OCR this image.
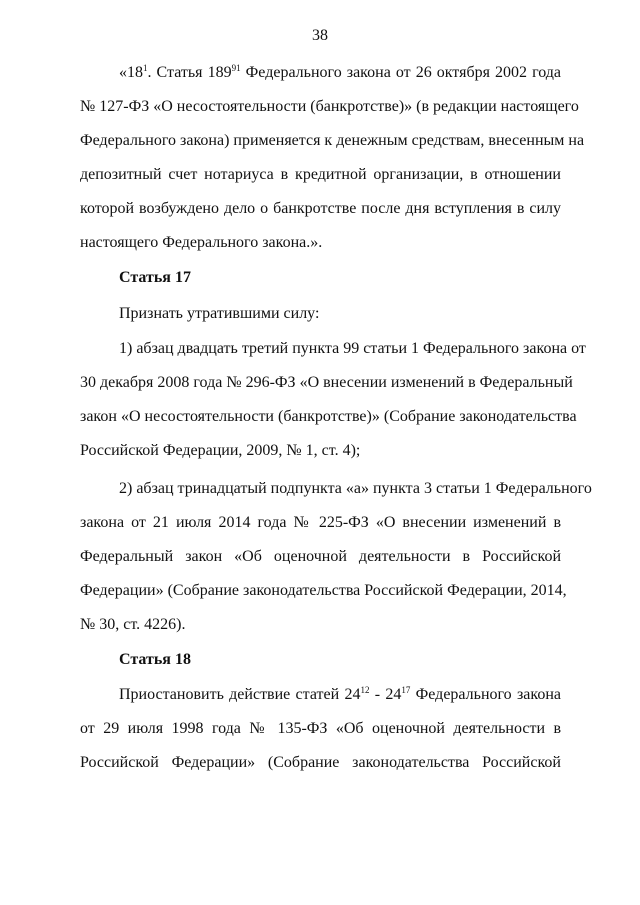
38
«$18^1$. Статья $189^{91}$ Федерального закона от 26 октября 2002 года
№ 127-ФЗ «О несостоятельности (банкротстве)» (в редакции настоящего
Федерального закона) применяется к денежным средствам, внесенным на
депозитный счет нотариуса в кредитной организации, в отношении
которой возбуждено дело о банкротстве после дня вступления в силу
настоящего Федерального закона.».
Статья 17
Признать утратившими силу:
1) абзац двадцать третий пункта 99 статьи 1 Федерального закона от
30 декабря 2008 года № 296-ФЗ «О внесении изменений в Федеральный
закон «О несостоятельности (банкротстве)» (Собрание законодательства
Российской Федерации, 2009, № 1, ст. 4);
2) абзац тринадцатый подпункта «а» пункта 3 статьи 1 Федерального
закона от 21 июля 2014 года № 225-ФЗ «О внесении изменений в
Федеральный закон «Об оценочной деятельности в Российской
Федерации» (Собрание законодательства Российской Федерации, 2014,
№ 30, ст. 4226).
Статья 18
Приостановить действие статей $24^{12} - 24^{17}$ Федерального закона
от 29 июля 1998 года № 135-ФЗ «Об оценочной деятельности в
Российской Федерации» (Собрание законодательства Российской
